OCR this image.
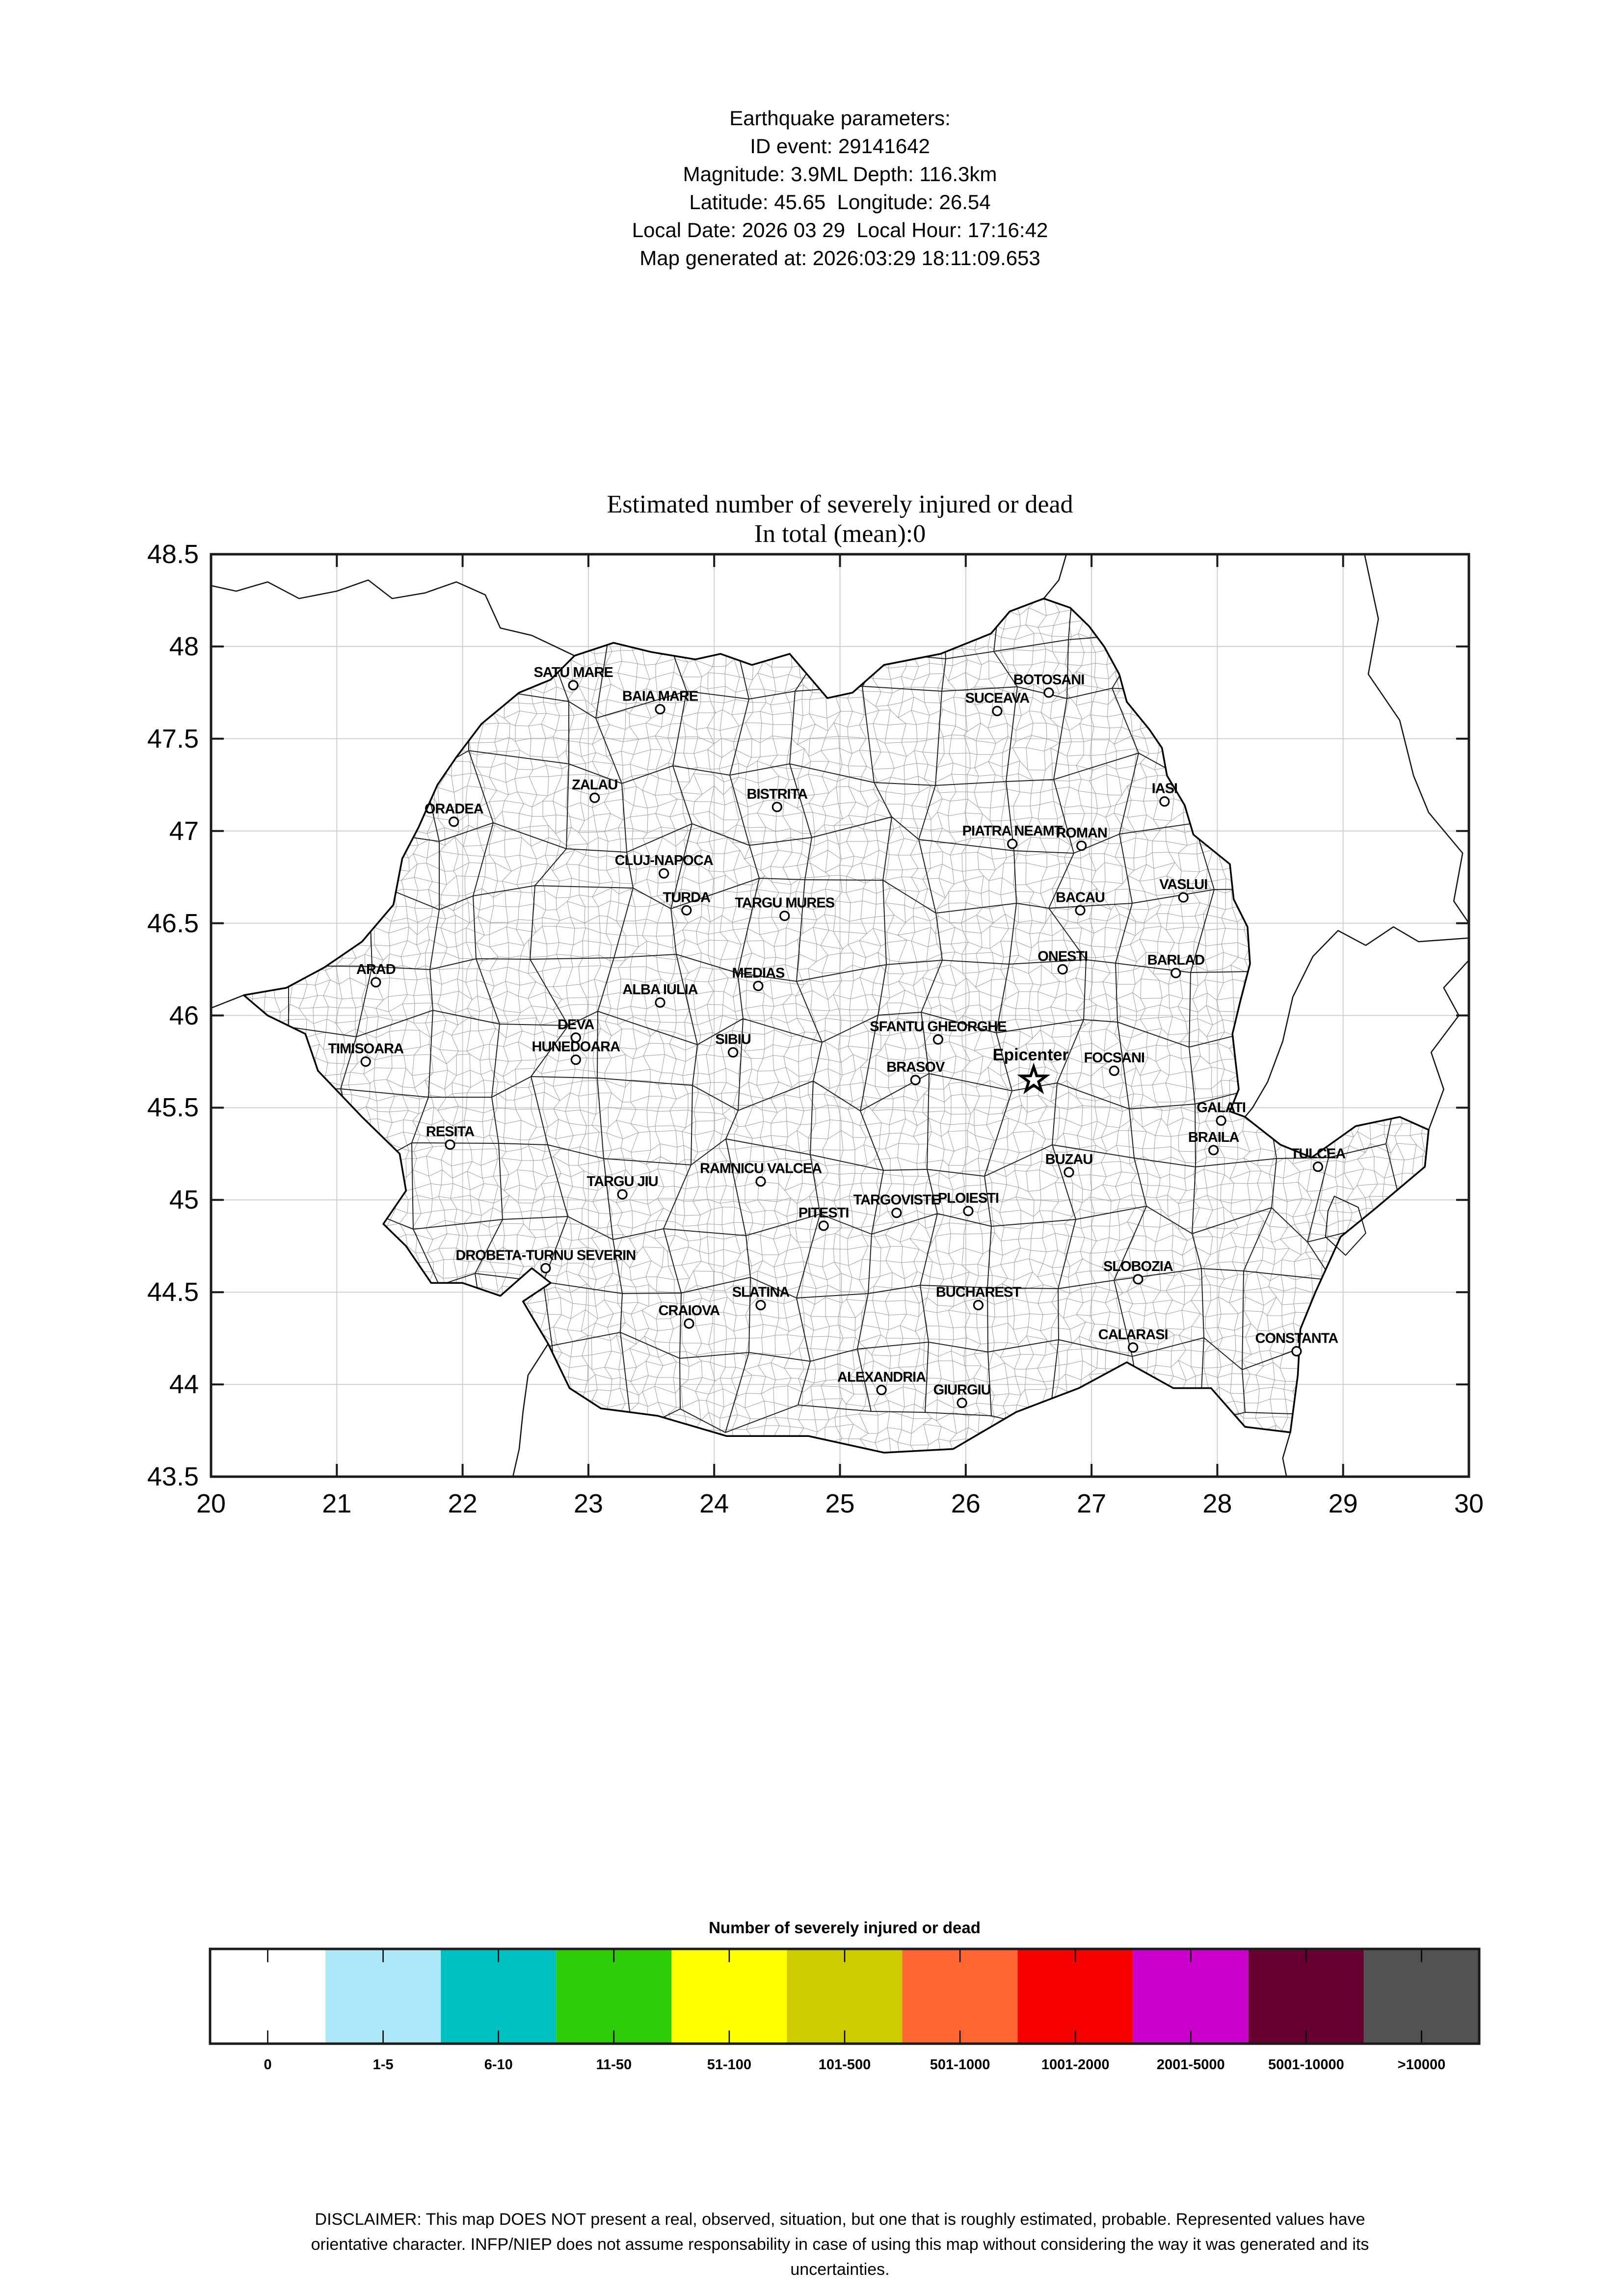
Earthquake parameters:
ID event: 29141642
Magnitude: 3.9ML Depth: 116.3km
Latitude: 45.65  Longitude: 26.54
Local Date: 2026 03 29  Local Hour: 17:16:42
Map generated at: 2026:03:29 18:11:09.653
Estimated number of severely injured or dead
In total (mean):0
SATU MARE
BAIA MARE
BOTOSANI
SUCEAVA
IASI
ORADEA
ZALAU
BISTRITA
PIATRA NEAMT
ROMAN
CLUJ-NAPOCA
TURDA TARGU MURES
VASLUI
BACAU
ONESTI	BARLAD
ARAD	MEDIAS
ALBA IULIA
DEVA
HUNEDOARA	SIBIU
TIMISOARA
SFANTU GHEORGHE
BRASOV
FOCSANI
GALATI
BRAILA
RESITA
BUZAU	TULCEA
RAMNICU VALCEA
TARGU JIU
TARGOVISTE
PLOIESTI
PITESTI
SLOBOZIA
DROBETA-TURNU SEVERIN
SLATINA	BUCHAREST
CRAIOVA
CALARASI	CONSTANTA
ALEXANDRIA
GIURGIU
Epicenter
20	21	22	23	24	25	26	27	28	29	30
48.5
48
47.5
47
46.5
46
45.5
45
44.5
44
43.5
Number of severely injured or dead
0	1-5	6-10	11-50	51-100	101-500	501-1000	1001-2000	2001-5000	5001-10000	>10000
DISCLAIMER: This map DOES NOT present a real, observed, situation, but one that is roughly estimated, probable. Represented values have
orientative character. INFP/NIEP does not assume responsability in case of using this map without considering the way it was generated and its
uncertainties.
